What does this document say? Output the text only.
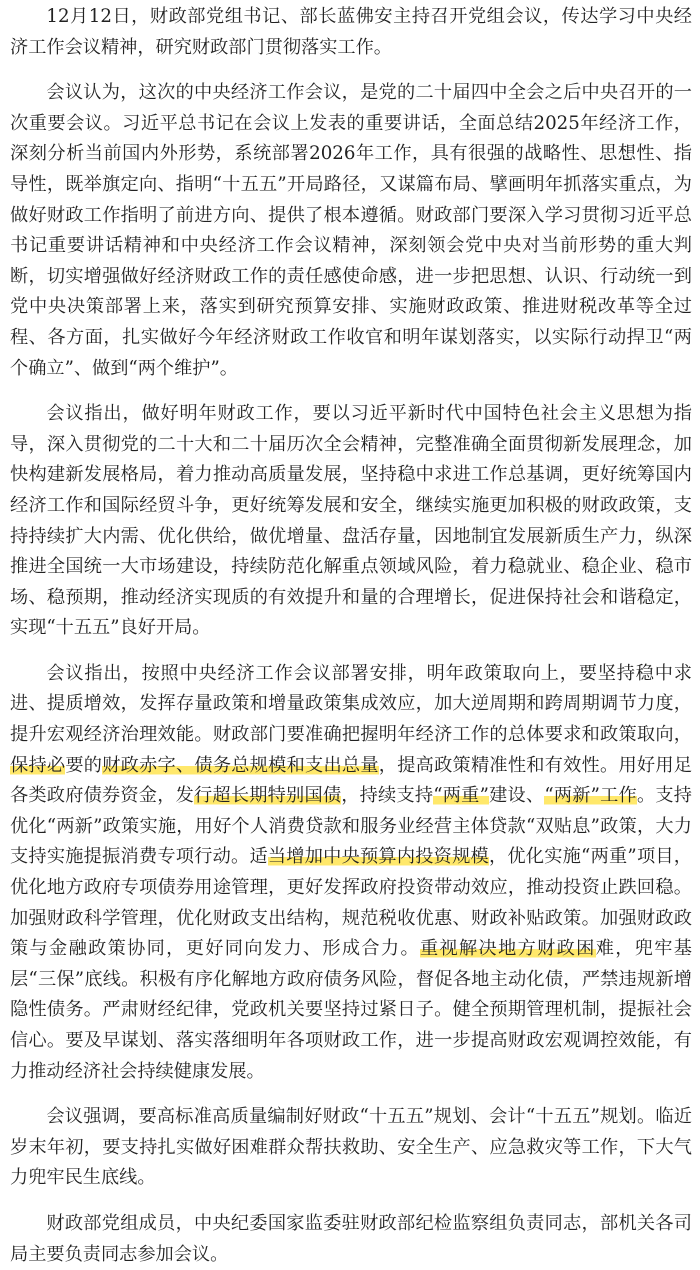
12月12日，财政部党组书记、部长蓝佛安主持召开党组会议，传达学习中央经济工作会议精神，研究财政部门贯彻落实工作。

会议认为，这次的中央经济工作会议，是党的二十届四中全会之后中央召开的一次重要会议。习近平总书记在会议上发表的重要讲话，全面总结2025年经济工作，深刻分析当前国内外形势，系统部署2026年工作，具有很强的战略性、思想性、指导性，既举旗定向、指明“十五五”开局路径，又谋篇布局、擘画明年抓落实重点，为做好财政工作指明了前进方向、提供了根本遵循。财政部门要深入学习贯彻习近平总书记重要讲话精神和中央经济工作会议精神，深刻领会党中央对当前形势的重大判断，切实增强做好经济财政工作的责任感使命感，进一步把思想、认识、行动统一到党中央决策部署上来，落实到研究预算安排、实施财政政策、推进财税改革等全过程、各方面，扎实做好今年经济财政工作收官和明年谋划落实，以实际行动捍卫“两个确立”、做到“两个维护”。

会议指出，做好明年财政工作，要以习近平新时代中国特色社会主义思想为指导，深入贯彻党的二十大和二十届历次全会精神，完整准确全面贯彻新发展理念，加快构建新发展格局，着力推动高质量发展，坚持稳中求进工作总基调，更好统筹国内经济工作和国际经贸斗争，更好统筹发展和安全，继续实施更加积极的财政政策，支持持续扩大内需、优化供给，做优增量、盘活存量，因地制宜发展新质生产力，纵深推进全国统一大市场建设，持续防范化解重点领域风险，着力稳就业、稳企业、稳市场、稳预期，推动经济实现质的有效提升和量的合理增长，促进保持社会和谐稳定，实现“十五五”良好开局。

会议指出，按照中央经济工作会议部署安排，明年政策取向上，要坚持稳中求进、提质增效，发挥存量政策和增量政策集成效应，加大逆周期和跨周期调节力度，提升宏观经济治理效能。财政部门要准确把握明年经济工作的总体要求和政策取向，保持必要的财政赤字、债务总规模和支出总量，提高政策精准性和有效性。用好用足各类政府债券资金，发行超长期特别国债，持续支持“两重”建设、“两新”工作。支持优化“两新”政策实施，用好个人消费贷款和服务业经营主体贷款“双贴息”政策，大力支持实施提振消费专项行动。适当增加中央预算内投资规模，优化实施“两重”项目，优化地方政府专项债券用途管理，更好发挥政府投资带动效应，推动投资止跌回稳。加强财政科学管理，优化财政支出结构，规范税收优惠、财政补贴政策。加强财政政策与金融政策协同，更好同向发力、形成合力。重视解决地方财政困难，兜牢基层“三保”底线。积极有序化解地方政府债务风险，督促各地主动化债，严禁违规新增隐性债务。严肃财经纪律，党政机关要坚持过紧日子。健全预期管理机制，提振社会信心。要及早谋划、落实落细明年各项财政工作，进一步提高财政宏观调控效能，有力推动经济社会持续健康发展。

会议强调，要高标准高质量编制好财政“十五五”规划、会计“十五五”规划。临近岁末年初，要支持扎实做好困难群众帮扶救助、安全生产、应急救灾等工作，下大气力兜牢民生底线。

财政部党组成员，中央纪委国家监委驻财政部纪检监察组负责同志，部机关各司局主要负责同志参加会议。
